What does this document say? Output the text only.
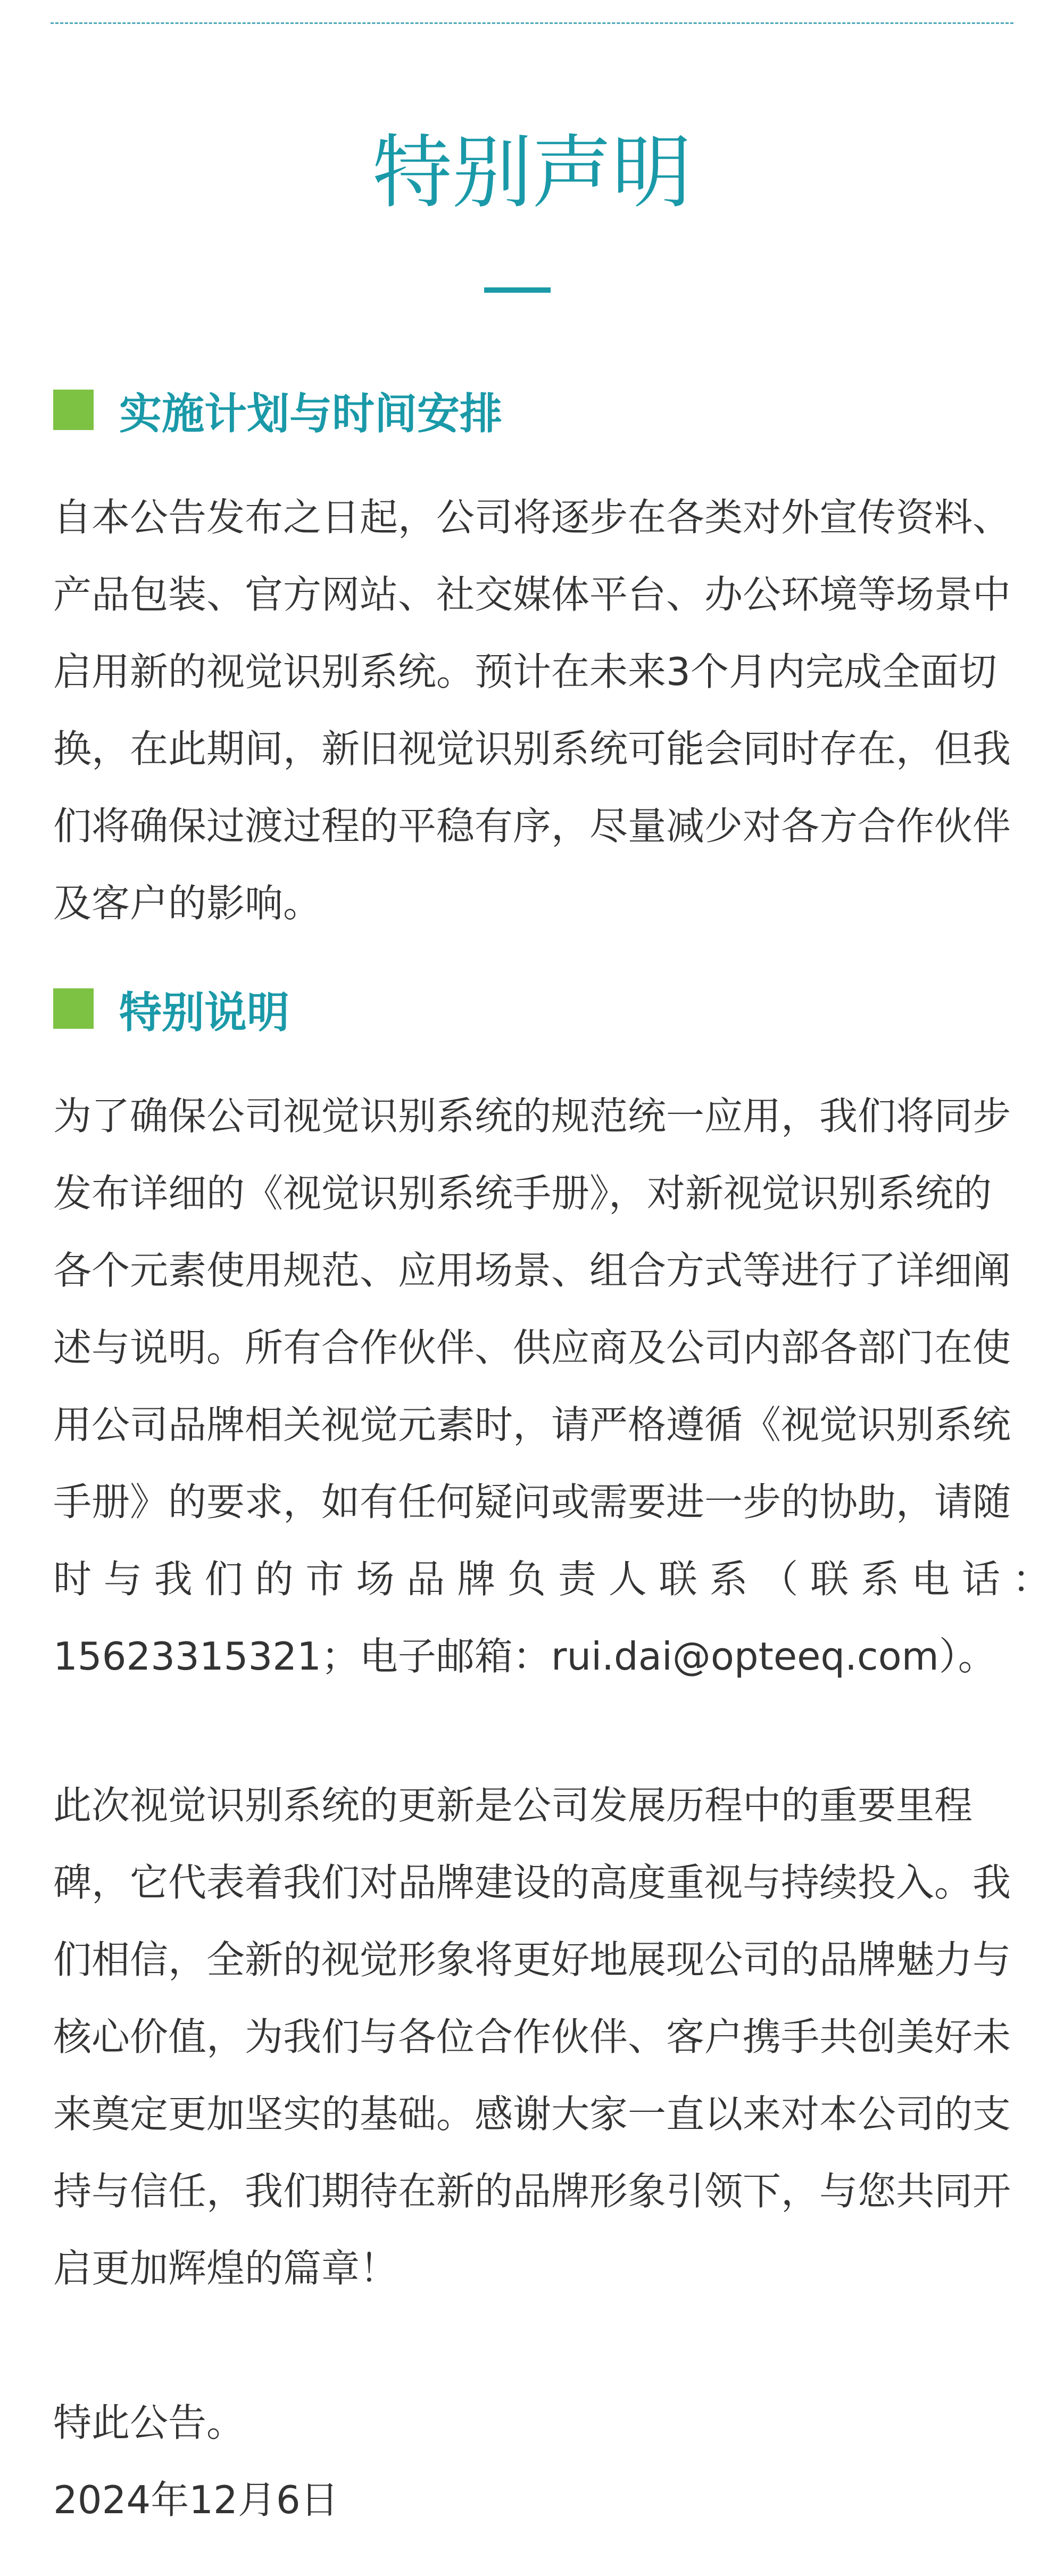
特别声明
实施计划与时间安排
自本公告发布之日起，公司将逐步在各类对外宣传资料、
产品包装、官方网站、社交媒体平台、办公环境等场景中
启用新的视觉识别系统。预计在未来3个月内完成全面切
换，在此期间，新旧视觉识别系统可能会同时存在，但我
们将确保过渡过程的平稳有序，尽量减少对各方合作伙伴
及客户的影响。
特别说明
为了确保公司视觉识别系统的规范统一应用，我们将同步
发布详细的《视觉识别系统手册》，对新视觉识别系统的
各个元素使用规范、应用场景、组合方式等进行了详细阐
述与说明。所有合作伙伴、供应商及公司内部各部门在使
用公司品牌相关视觉元素时，请严格遵循《视觉识别系统
手册》的要求，如有任何疑问或需要进一步的协助，请随
时 与 我 们 的 市 场 品 牌 负 责 人 联 系 （ 联 系 电 话 ：
15623315321；电子邮箱：rui.dai@opteeq.com）。
此次视觉识别系统的更新是公司发展历程中的重要里程
碑，它代表着我们对品牌建设的高度重视与持续投入。我
们相信，全新的视觉形象将更好地展现公司的品牌魅力与
核心价值，为我们与各位合作伙伴、客户携手共创美好未
来奠定更加坚实的基础。感谢大家一直以来对本公司的支
持与信任，我们期待在新的品牌形象引领下，与您共同开
启更加辉煌的篇章！
特此公告。
2024年12月6日
